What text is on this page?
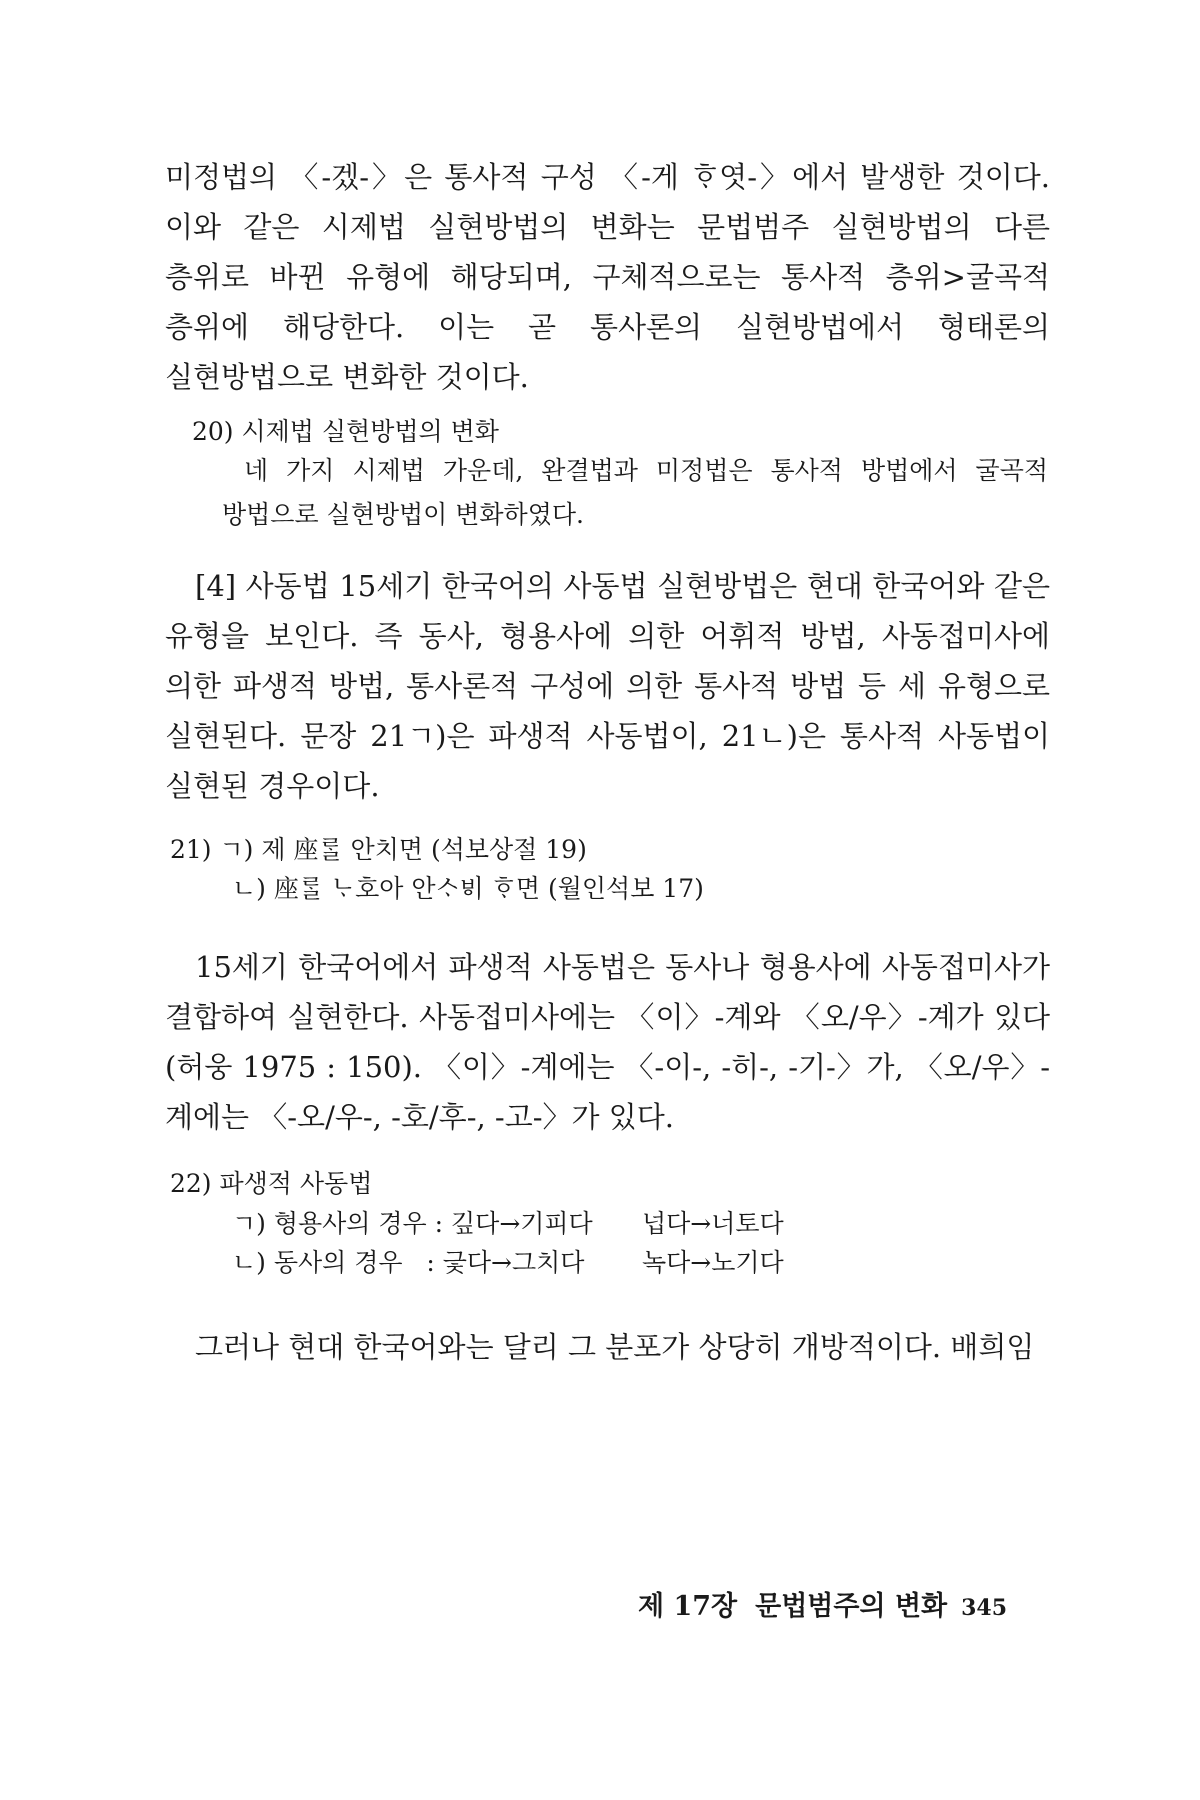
미정법의 〈-겠-〉은 통사적 구성 〈-게 ᄒᆞ엿-〉에서 발생한 것이다. 이와 같은 시제법 실현방법의 변화는 문법범주 실현방법의 다른 층위로 바뀐 유형에 해당되며, 구체적으로는 통사적 층위>굴곡적 층위에 해당한다. 이는 곧 통사론의 실현방법에서 형태론의 실현방법으로 변화한 것이다.

20) 시제법 실현방법의 변화

네 가지 시제법 가운데, 완결법과 미정법은 통사적 방법에서 굴곡적 방법으로 실현방법이 변화하였다.

[4] 사동법 15세기 한국어의 사동법 실현방법은 현대 한국어와 같은 유형을 보인다. 즉 동사, 형용사에 의한 어휘적 방법, 사동접미사에 의한 파생적 방법, 통사론적 구성에 의한 통사적 방법 등 세 유형으로 실현된다. 문장 21ㄱ)은 파생적 사동법이, 21ㄴ)은 통사적 사동법이 실현된 경우이다.

21) ㄱ) 제 座ᄅᆞᆯ 안치면 (석보상절 19)
ㄴ) 座ᄅᆞᆯ ᄂᆞ호아 안ᄉᆞᄫᅵ ᄒᆞ면 (월인석보 17)

15세기 한국어에서 파생적 사동법은 동사나 형용사에 사동접미사가 결합하여 실현한다. 사동접미사에는 〈이〉-계와 〈오/우〉-계가 있다(허웅 1975 : 150). 〈이〉-계에는 〈-이-, -히-, -기-〉가, 〈오/우〉-계에는 〈-오/우-, -호/후-, -고-〉가 있다.

22) 파생적 사동법
ㄱ) 형용사의 경우 : 깊다→기피다 넙다→너토다
ㄴ) 동사의 경우   : 긏다→그치다 녹다→노기다

그러나 현대 한국어와는 달리 그 분포가 상당히 개방적이다. 배희임

제 17장 문법범주의 변화 345
